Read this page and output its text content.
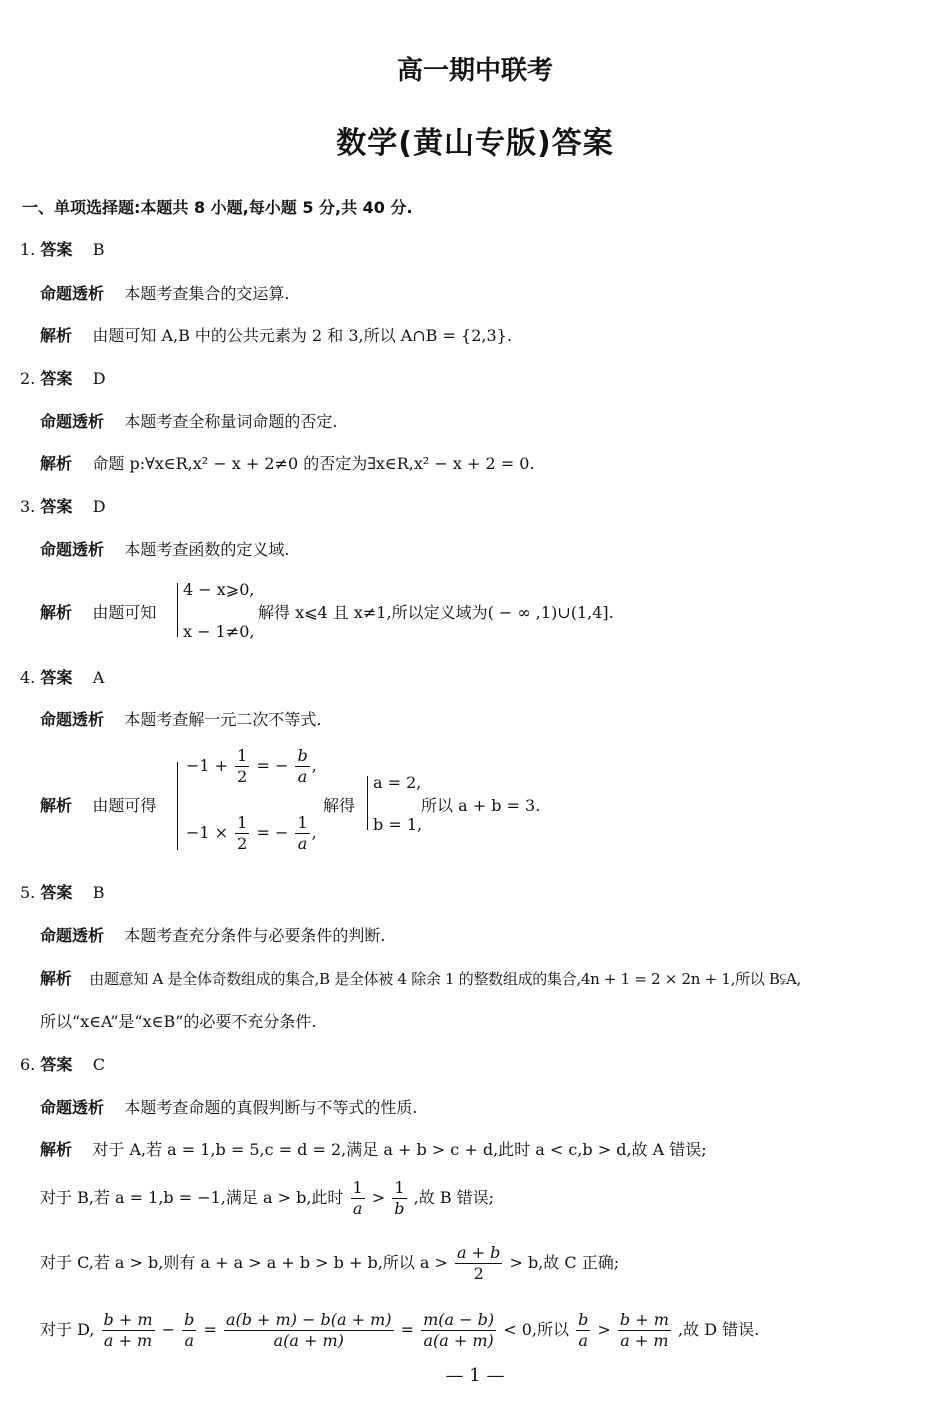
高一期中联考
数学(黄山专版)答案
一、单项选择题:本题共 8 小题,每小题 5 分,共 40 分.
1. 答案 B
命题透析 本题考查集合的交运算.
解析 由题可知 A,B 中的公共元素为 2 和 3,所以 A∩B = {2,3}.
2. 答案 D
命题透析 本题考查全称量词命题的否定.
解析 命题 p:∀x∈R,x² − x + 2≠0 的否定为∃x∈R,x² − x + 2 = 0.
3. 答案 D
命题透析 本题考查函数的定义域.
解析 由题可知
4 − x⩾0,
x − 1≠0,
解得 x⩽4 且 x≠1,所以定义域为( − ∞ ,1)∪(1,4].
4. 答案 A
命题透析 本题考查解一元二次不等式.
解析 由题可得
$-1 + \frac{1}{2}$ = − $\frac{b}{a}$ ,
$-1 \times \frac{1}{2}$ = − $\frac{1}{a}$ ,
解得
a = 2,
b = 1,
所以 a + b = 3.
5. 答案 B
命题透析 本题考查充分条件与必要条件的判断.
解析 由题意知 A 是全体奇数组成的集合,B 是全体被 4 除余 1 的整数组成的集合,4n + 1 = 2 × 2n + 1,所以 B⫋A,
所以“x∈A”是“x∈B”的必要不充分条件.
6. 答案 C
命题透析 本题考查命题的真假判断与不等式的性质.
解析 对于 A,若 a = 1,b = 5,c = d = 2,满足 a + b > c + d,此时 a < c,b > d,故 A 错误;
对于 B,若 a = 1,b = −1,满足 a > b,此时 $\frac{1}{a} > \frac{1}{b}$ ,故 B 错误;
对于 C,若 a > b,则有 a + a > a + b > b + b,所以 $a > \frac{a + b}{2} > b$,故 C 正确;
对于 D, $\frac{b + m}{a + m} - \frac{b}{a} = \frac{a(b + m) - b(a + m)}{a(a + m)} = \frac{m(a - b)}{a(a + m)} < 0$,所以 $\frac{b}{a} > \frac{b + m}{a + m}$ ,故 D 错误.
— 1 —
